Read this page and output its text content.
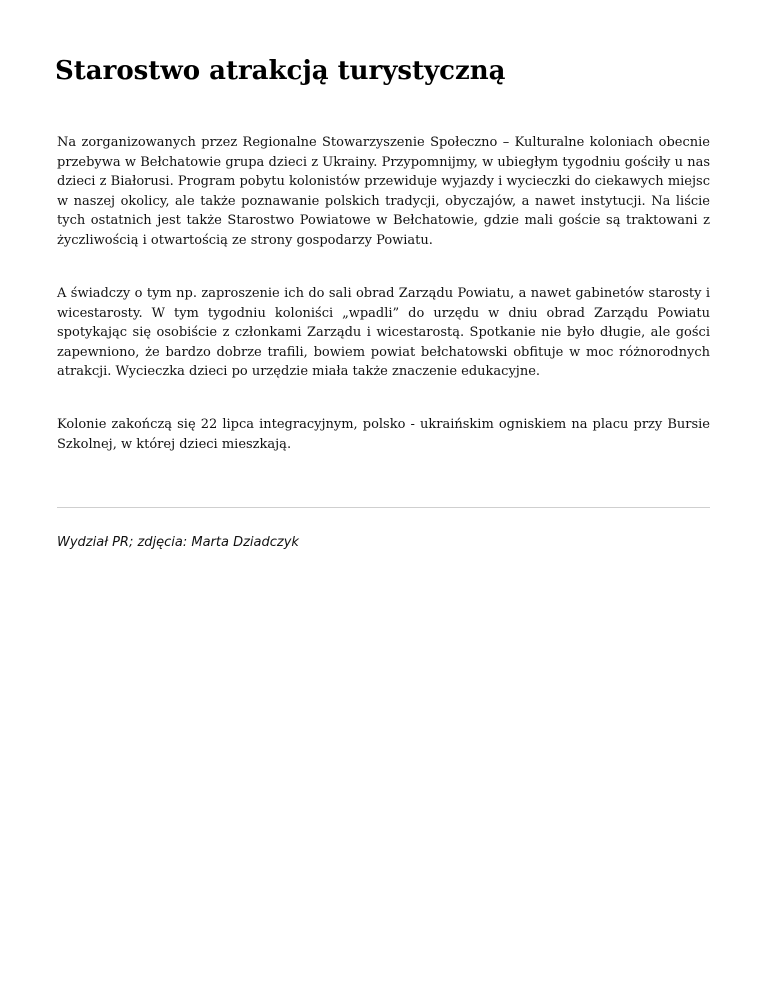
Starostwo atrakcją turystyczną

Na zorganizowanych przez Regionalne Stowarzyszenie Społeczno – Kulturalne koloniach obecnie przebywa w Bełchatowie grupa dzieci z Ukrainy. Przypomnijmy, w ubiegłym tygodniu gościły u nas dzieci z Białorusi. Program pobytu kolonistów przewiduje wyjazdy i wycieczki do ciekawych miejsc w naszej okolicy, ale także poznawanie polskich tradycji, obyczajów, a nawet instytucji. Na liście tych ostatnich jest także Starostwo Powiatowe w Bełchatowie, gdzie mali goście są traktowani z życzliwością i otwartością ze strony gospodarzy Powiatu.

A świadczy o tym np. zaproszenie ich do sali obrad Zarządu Powiatu, a nawet gabinetów starosty i wicestarosty. W tym tygodniu koloniści „wpadli” do urzędu w dniu obrad Zarządu Powiatu spotykając się osobiście z członkami Zarządu i wicestarostą. Spotkanie nie było długie, ale gości zapewniono, że bardzo dobrze trafili, bowiem powiat bełchatowski obfituje w moc różnorodnych atrakcji. Wycieczka dzieci po urzędzie miała także znaczenie edukacyjne.

Kolonie zakończą się 22 lipca integracyjnym, polsko - ukraińskim ogniskiem na placu przy Bursie Szkolnej, w której dzieci mieszkają.

Wydział PR; zdjęcia: Marta Dziadczyk
